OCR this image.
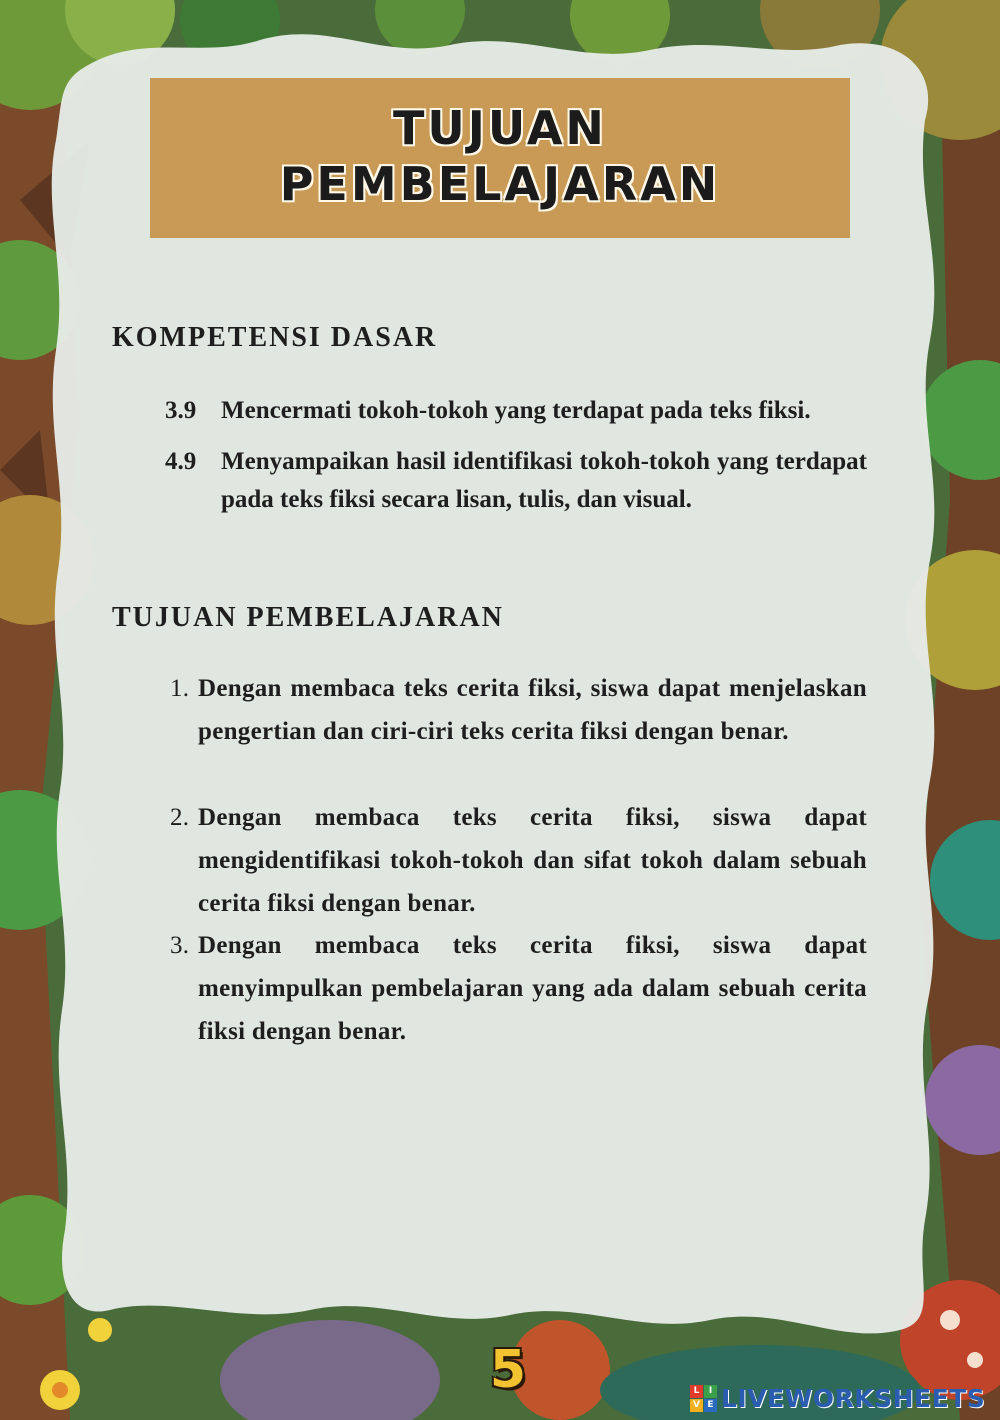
TUJUAN
PEMBELAJARAN
KOMPETENSI DASAR
3.9 Mencermati tokoh-tokoh yang terdapat pada teks fiksi.
4.9 Menyampaikan hasil identifikasi tokoh-tokoh yang terdapat pada teks fiksi secara lisan, tulis, dan visual.
TUJUAN PEMBELAJARAN
1. Dengan membaca teks cerita fiksi, siswa dapat menjelaskan pengertian dan ciri-ciri teks cerita fiksi dengan benar.
2. Dengan membaca teks cerita fiksi, siswa dapat mengidentifikasi tokoh-tokoh dan sifat tokoh dalam sebuah cerita fiksi dengan benar.
3. Dengan membaca teks cerita fiksi, siswa dapat menyimpulkan pembelajaran yang ada dalam sebuah cerita fiksi dengan benar.
5	L	I
V E LIVEWORKSHEETS
